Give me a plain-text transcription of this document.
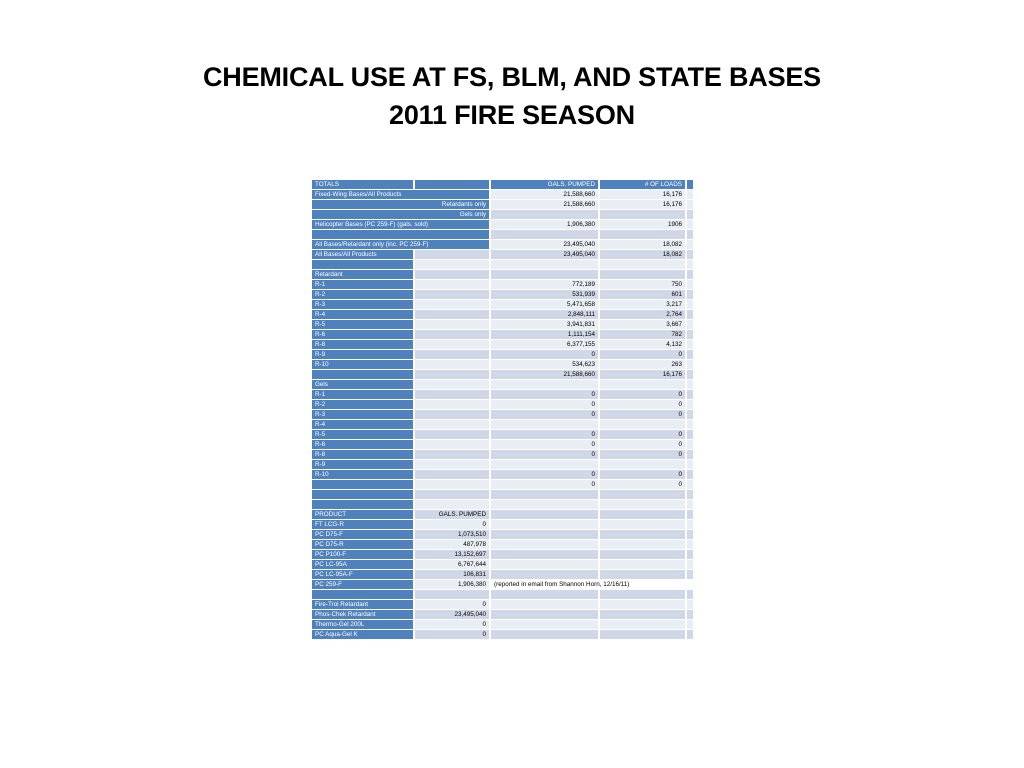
CHEMICAL USE AT FS, BLM, AND STATE BASES
2011 FIRE SEASON
TOTALS		GALS. PUMPED	# OF LOADS	
Fixed-Wing Bases/All Products		21,588,660	16,176	
Retardants only		21,588,660	16,176	
Gels only				
Helicopter Bases (PC 259-F) (gals. sold)		1,906,380	1906	

All Bases/Retardant only (inc. PC 259-F)		23,495,040	18,082	
All Bases/All Products		23,495,040	18,082	

Retardant				
R-1		772,189	750	
R-2		531,939	601	
R-3		5,471,658	3,217	
R-4		2,848,111	2,764	
R-5		3,941,831	3,667	
R-6		1,111,154	782	
R-8		6,377,155	4,132	
R-9		0	0	
R-10		534,623	263	
		21,588,660	16,176	
Gels				
R-1		0	0	
R-2		0	0	
R-3		0	0	
R-4				
R-5		0	0	
R-6		0	0	
R-8		0	0	
R-9				
R-10		0	0	
		0	0	

PRODUCT	GALS. PUMPED			
FT LCG-R	0			
PC D75-F	1,073,510			
PC D75-R	487,978			
PC P100-F	13,152,697			
PC LC-95A	6,767,644			
PC LC-95A-F	106,831			
PC 259-F	1,906,380	(reported in email from Shannon Horn, 12/16/11)		

Fire-Trol Retardant	0			
Phos-Chek Retardant	23,495,040			
Thermo-Gel 200L	0			
PC Aqua-Gel K	0			
